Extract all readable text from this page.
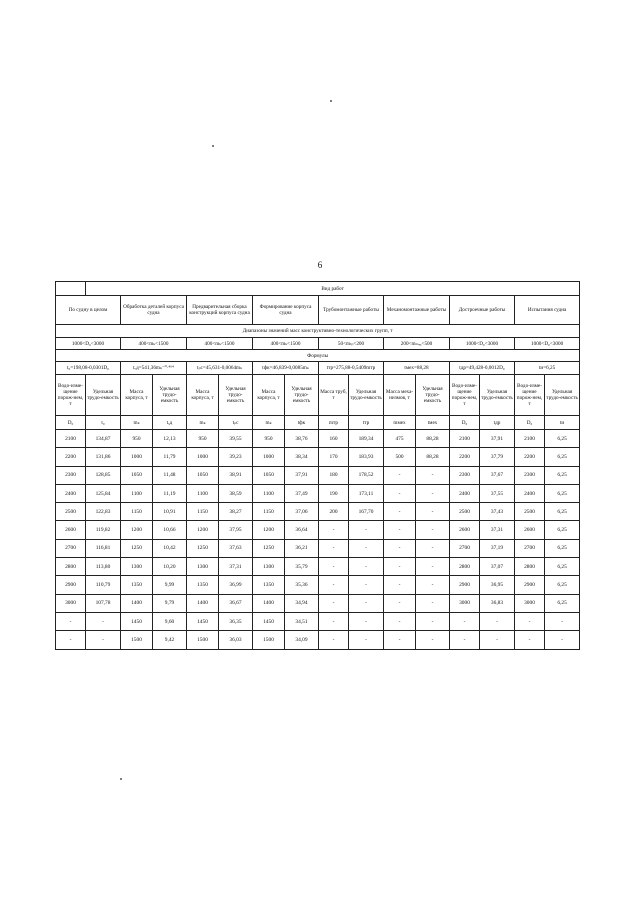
6
	Вид работ														
По судну в целом		Обработка деталей корпуса судна		Предварительная сборка конструкций корпуса судна		Формирование корпуса судна		Трубомонтажные работы		Механомонтажные работы		Достроечные работы		Испытания судна	
Диапазоны значений масс конструктивно-технологических групп, т															
1000<D₀<3000		400<mₖ<1500		400<mₖ<1500		400<mₖ<1500		50<mₜₚ<200		200<mₘₑₓ<500		1000<D₀<3000		1000<D₀<3000	
Формулы															
t₀=198,08-0,0301D₀		tₒд=541,36mₖ⁻⁰·⁴⁶⁴		tₚc=45,631-0,0064mₖ		tфк=46,839-0,0085mₖ		tтр=275,88-0,5409mтр		tмех=88,28		tдр=49,428-0,0012D₀		tи=6,25	
Водо-изме-щение порож-нем, т	Удельная трудо-емкость	Масса корпуса, т	Удельная трудо-емкость	Масса корпуса, т	Удельная трудо-емкость	Масса корпуса, т	Удельная трудо-емкость	Масса труб, т	Удельная трудо-емкость	Масса меха-низмов, т	Удельная трудо-емкость	Водо-изме-щение порож-нем, т	Удельная трудо-емкость	Водо-изме-щение порож-нем, т	Удельная трудо-емкость
D₀	t₀	mₖ	tₒд	mₖ	tₚc	mₖ	tфк	mтр	tтр	mмех	tмех	D₀	tдр	D₀	tи
2100	134,87	950	12,13	950	39,55	950	38,76	160	189,34	475	88,28	2100	37,91	2100	6,25
2200	131,86	1000	11,79	1000	39,23	1000	38,34	170	183,93	500	88,28	2200	37,79	2200	6,25
2300	128,85	1050	11,48	1050	38,91	1050	37,91	180	178,52	-	-	2300	37,67	2300	6,25
2400	125,84	1100	11,19	1100	38,59	1100	37,49	190	173,11	-	-	2400	37,55	2400	6,25
2500	122,83	1150	10,91	1150	38,27	1150	37,06	200	167,70	-	-	2500	37,43	2500	6,25
2600	119,82	1200	10,66	1200	37,95	1200	36,64	-	-	-	-	2600	37,31	2600	6,25
2700	116,81	1250	10,42	1250	37,63	1250	36,21	-	-	-	-	2700	37,19	2700	6,25
2800	113,80	1300	10,20	1300	37,31	1300	35,79	-	-	-	-	2800	37,07	2800	6,25
2900	110,79	1350	9,99	1350	36,99	1350	35,36	-	-	-	-	2900	36,95	2900	6,25
3000	107,78	1400	9,79	1400	36,67	1400	34,94	-	-	-	-	3000	36,83	3000	6,25
-	-	1450	9,60	1450	36,35	1450	34,51	-	-	-	-	-	-	-	-
-	-	1500	9,42	1500	36,03	1500	34,09	-	-	-	-	-	-	-	-
